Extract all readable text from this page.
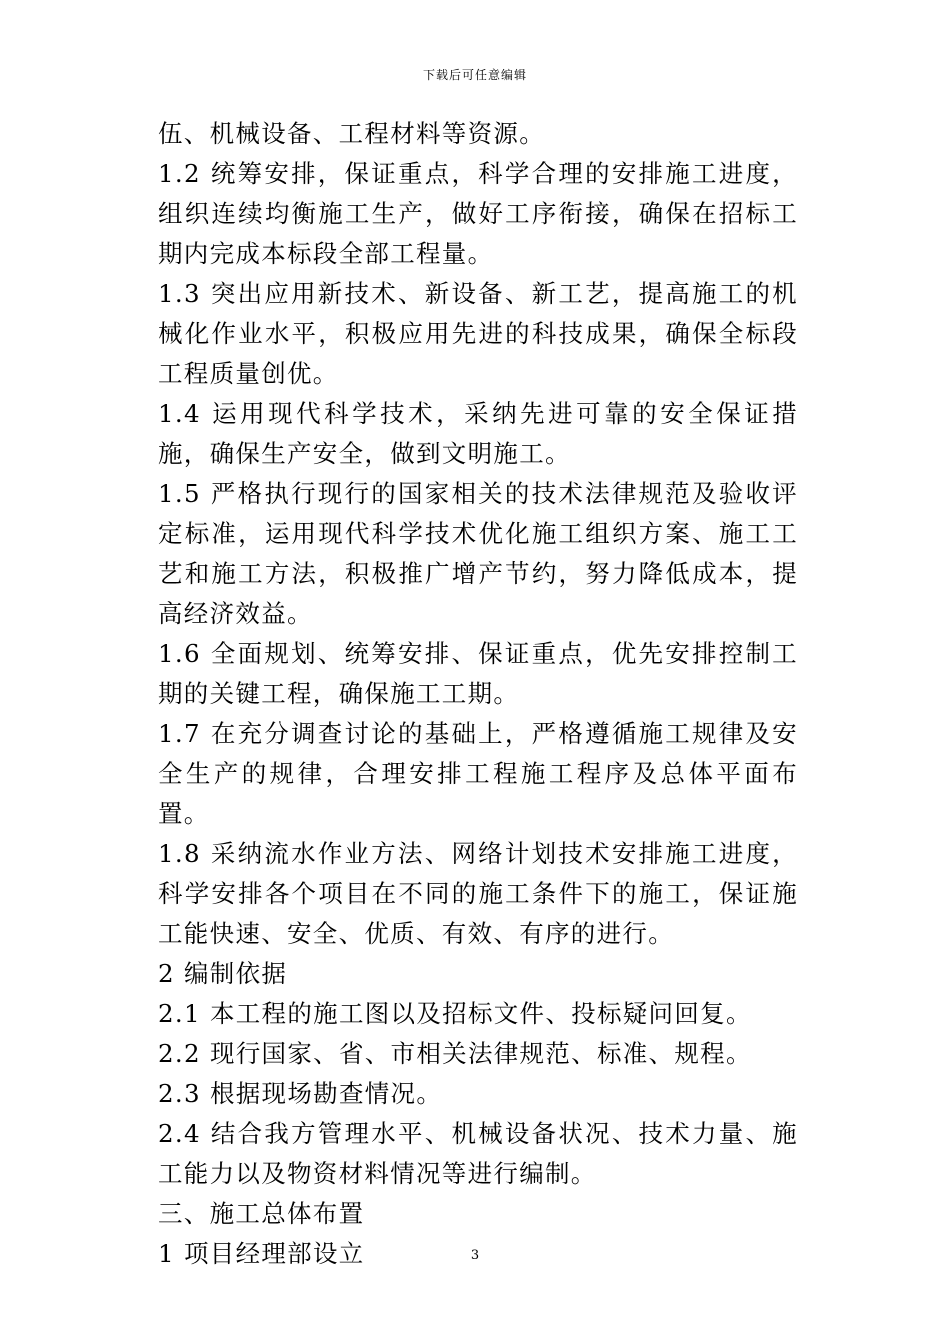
下载后可任意编辑

伍、机械设备、工程材料等资源。

1.2 统筹安排，保证重点，科学合理的安排施工进度，组织连续均衡施工生产，做好工序衔接，确保在招标工期内完成本标段全部工程量。

1.3 突出应用新技术、新设备、新工艺，提高施工的机械化作业水平，积极应用先进的科技成果，确保全标段工程质量创优。

1.4 运用现代科学技术，采纳先进可靠的安全保证措施，确保生产安全，做到文明施工。

1.5 严格执行现行的国家相关的技术法律规范及验收评定标准，运用现代科学技术优化施工组织方案、施工工艺和施工方法，积极推广增产节约，努力降低成本，提高经济效益。

1.6 全面规划、统筹安排、保证重点，优先安排控制工期的关键工程，确保施工工期。

1.7 在充分调查讨论的基础上，严格遵循施工规律及安全生产的规律，合理安排工程施工程序及总体平面布置。

1.8 采纳流水作业方法、网络计划技术安排施工进度，科学安排各个项目在不同的施工条件下的施工，保证施工能快速、安全、优质、有效、有序的进行。

2 编制依据

2.1 本工程的施工图以及招标文件、投标疑问回复。

2.2 现行国家、省、市相关法律规范、标准、规程。

2.3 根据现场勘查情况。

2.4 结合我方管理水平、机械设备状况、技术力量、施工能力以及物资材料情况等进行编制。

三、施工总体布置

1 项目经理部设立	3
